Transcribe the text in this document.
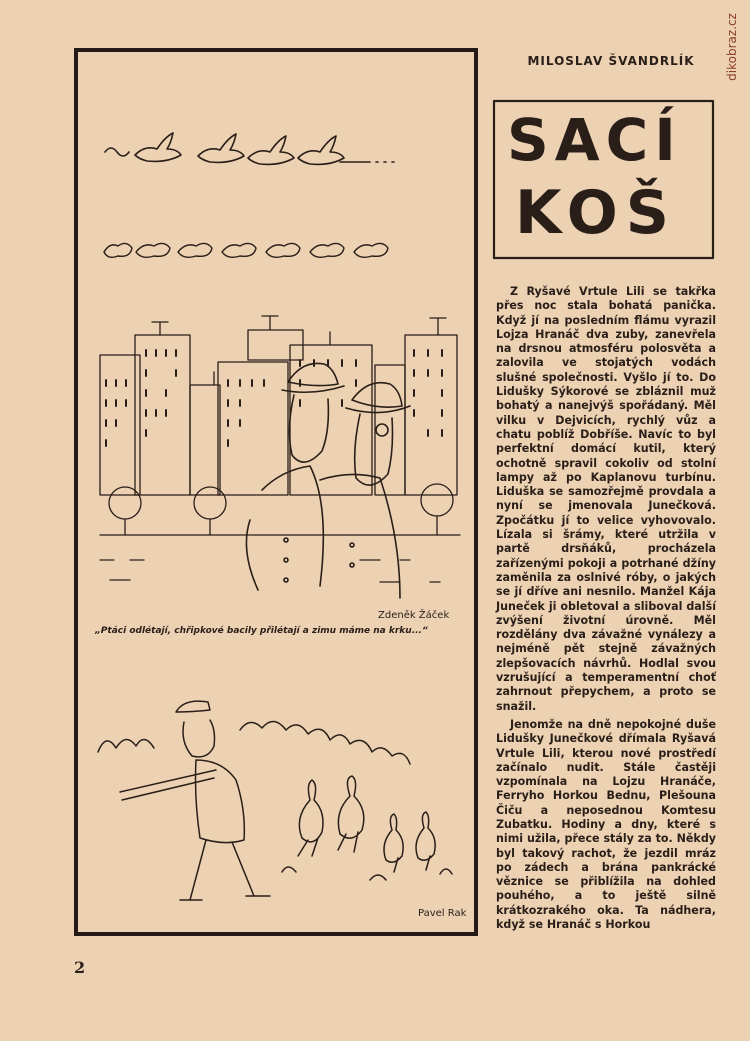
dikobraz.cz
Zdeněk Žáček
„Ptáci odlétají, chřipkové bacily přilétají a zimu máme na krku...“
Pavel Rak
MILOSLAV ŠVANDRLÍK
SACÍ
KOŠ

Z Ryšavé Vrtule Lili se takřka přes noc stala bohatá panička. Když jí na posledním flámu vyrazil Lojza Hranáč dva zuby, zanevřela na drsnou atmosféru polosvěta a zalovila ve stojatých vodách slušné společnosti. Vyšlo jí to. Do Lidušky Sýkorové se zbláznil muž bohatý a nanejvýš spořádaný. Měl vilku v Dejvicích, rychlý vůz a chatu poblíž Dobříše. Navíc to byl perfektní domácí kutil, který ochotně spravil cokoliv od stolní lampy až po Kaplanovu turbínu. Liduška se samozřejmě provdala a nyní se jmenovala Junečková. Zpočátku jí to velice vyhovovalo. Lízala si šrámy, které utržila v partě drsňáků, procházela zařízenými pokoji a potrhané džíny zaměnila za oslnivé róby, o jakých se jí dříve ani nesnilo. Manžel Kája Juneček ji obletoval a sliboval další zvýšení životní úrovně. Měl rozdělány dva závažné vynálezy a nejméně pět stejně závažných zlepšovacích návrhů. Hodlal svou vzrušující a temperamentní choť zahrnout přepychem, a proto se snažil.

Jenomže na dně nepokojné duše Lidušky Junečkové dřímala Ryšavá Vrtule Lili, kterou nové prostředí začínalo nudit. Stále častěji vzpomínala na Lojzu Hranáče, Ferryho Horkou Bednu, Plešouna Čiču a neposednou Komtesu Zubatku. Hodiny a dny, které s nimi užila, přece stály za to. Někdy byl takový rachot, že jezdil mráz po zádech a brána pankrácké věznice se přiblížila na dohled pouhého, a to ještě silně krátkozrakého oka. Ta nádhera, když se Hranáč s Horkou

2
